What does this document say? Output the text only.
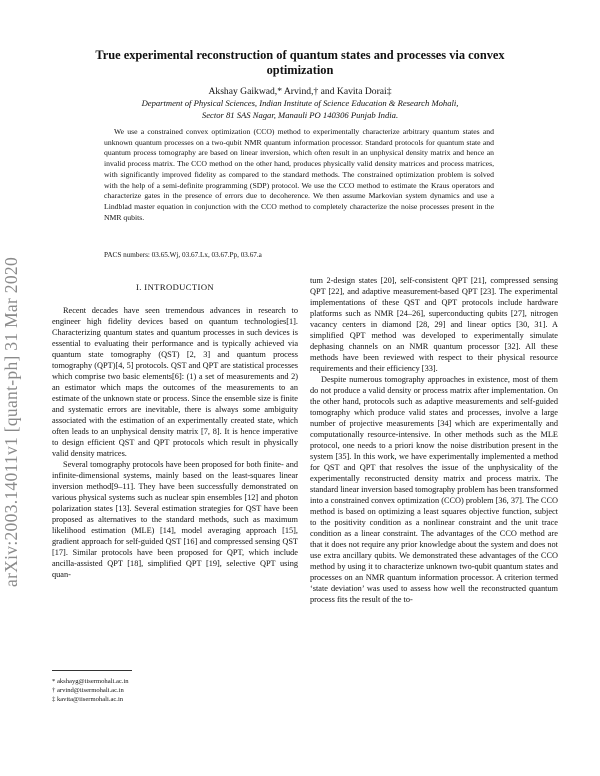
arXiv:2003.14011v1 [quant-ph] 31 Mar 2020
True experimental reconstruction of quantum states and processes via convex optimization
Akshay Gaikwad,* Arvind,† and Kavita Dorai‡
Department of Physical Sciences, Indian Institute of Science Education & Research Mohali,
Sector 81 SAS Nagar, Manauli PO 140306 Punjab India.
We use a constrained convex optimization (CCO) method to experimentally characterize arbitrary quantum states and unknown quantum processes on a two-qubit NMR quantum information processor. Standard protocols for quantum state and quantum process tomography are based on linear inversion, which often result in an unphysical density matrix and hence an invalid process matrix. The CCO method on the other hand, produces physically valid density matrices and process matrices, with significantly improved fidelity as compared to the standard methods. The constrained optimization problem is solved with the help of a semi-definite programming (SDP) protocol. We use the CCO method to estimate the Kraus operators and characterize gates in the presence of errors due to decoherence. We then assume Markovian system dynamics and use a Lindblad master equation in conjunction with the CCO method to completely characterize the noise processes present in the NMR qubits.
PACS numbers: 03.65.Wj, 03.67.Lx, 03.67.Pp, 03.67.a
I. INTRODUCTION

Recent decades have seen tremendous advances in research to engineer high fidelity devices based on quantum technologies[1]. Characterizing quantum states and quantum processes in such devices is essential to evaluating their performance and is typically achieved via quantum state tomography (QST) [2, 3] and quantum process tomography (QPT)[4, 5] protocols. QST and QPT are statistical processes which comprise two basic elements[6]: (1) a set of measurements and 2) an estimator which maps the outcomes of the measurements to an estimate of the unknown state or process. Since the ensemble size is finite and systematic errors are inevitable, there is always some ambiguity associated with the estimation of an experimentally created state, which often leads to an unphysical density matrix [7, 8]. It is hence imperative to design efficient QST and QPT protocols which result in physically valid density matrices.

Several tomography protocols have been proposed for both finite- and infinite-dimensional systems, mainly based on the least-squares linear inversion method[9–11]. They have been successfully demonstrated on various physical systems such as nuclear spin ensembles [12] and photon polarization states [13]. Several estimation strategies for QST have been proposed as alternatives to the standard methods, such as maximum likelihood estimation (MLE) [14], model averaging approach [15], gradient approach for self-guided QST [16] and compressed sensing QST [17]. Similar protocols have been proposed for QPT, which include ancilla-assisted QPT [18], simplified QPT [19], selective QPT using quan-

tum 2-design states [20], self-consistent QPT [21], compressed sensing QPT [22], and adaptive measurement-based QPT [23]. The experimental implementations of these QST and QPT protocols include hardware platforms such as NMR [24–26], superconducting qubits [27], nitrogen vacancy centers in diamond [28, 29] and linear optics [30, 31]. A simplified QPT method was developed to experimentally simulate dephasing channels on an NMR quantum processor [32]. All these methods have been reviewed with respect to their physical resource requirements and their efficiency [33].

Despite numerous tomography approaches in existence, most of them do not produce a valid density or process matrix after implementation. On the other hand, protocols such as adaptive measurements and self-guided tomography which produce valid states and processes, involve a large number of projective measurements [34] which are experimentally and computationally resource-intensive. In other methods such as the MLE protocol, one needs to a priori know the noise distribution present in the system [35]. In this work, we have experimentally implemented a method for QST and QPT that resolves the issue of the unphysicality of the experimentally reconstructed density matrix and process matrix. The standard linear inversion based tomography problem has been transformed into a constrained convex optimization (CCO) problem [36, 37]. The CCO method is based on optimizing a least squares objective function, subject to the positivity condition as a nonlinear constraint and the unit trace condition as a linear constraint. The advantages of the CCO method are that it does not require any prior knowledge about the system and does not use extra ancillary qubits. We demonstrated these advantages of the CCO method by using it to characterize unknown two-qubit quantum states and processes on an NMR quantum information processor. A criterion termed ‘state deviation’ was used to assess how well the reconstructed quantum process fits the result of the to-

* akshayg@iisermohali.ac.in
† arvind@iisermohali.ac.in
‡ kavita@iisermohali.ac.in
